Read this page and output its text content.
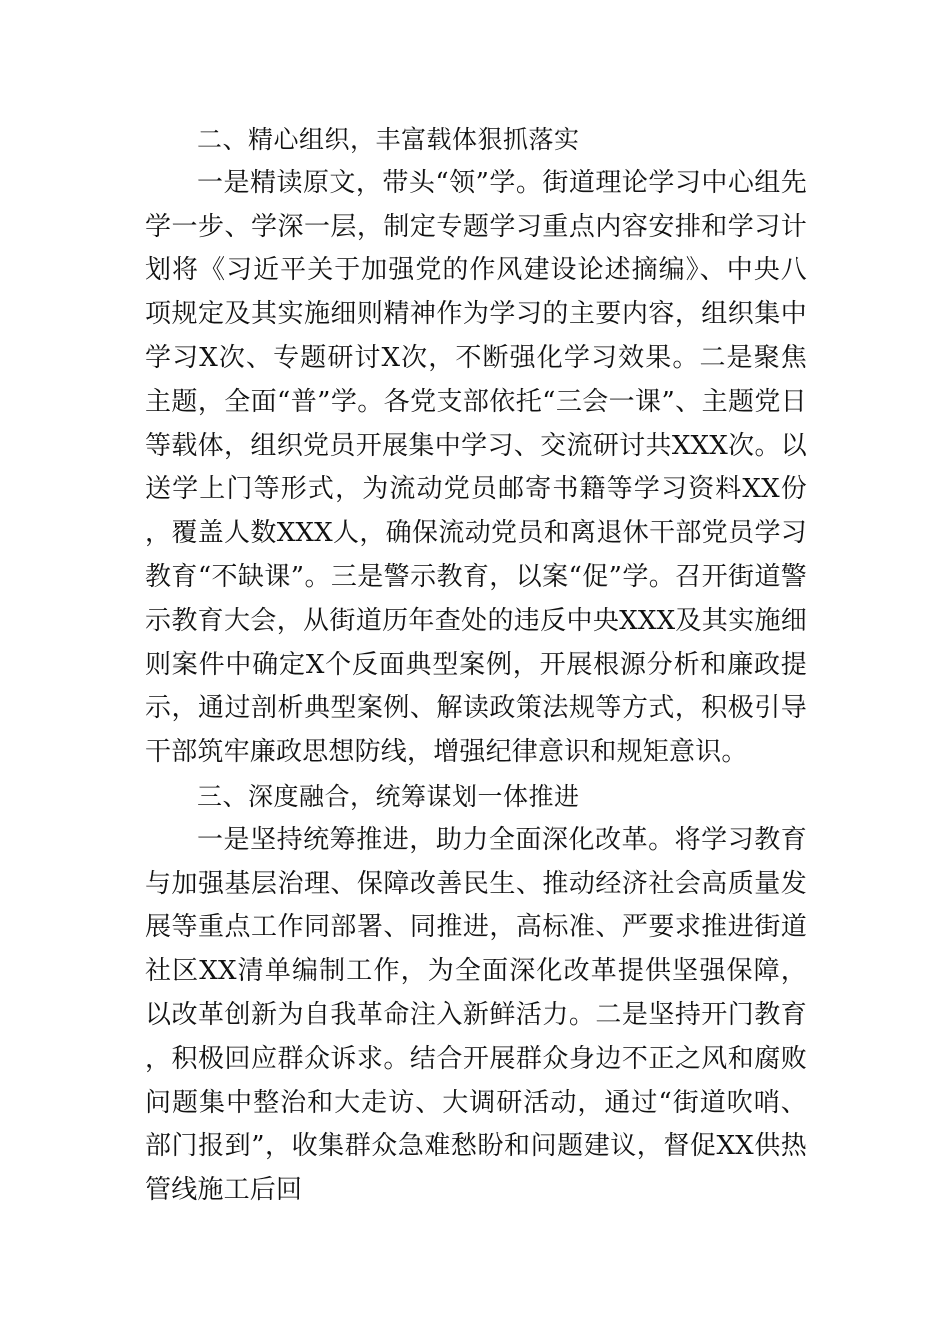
二、精心组织，丰富载体狠抓落实

一是精读原文，带头“领”学。街道理论学习中心组先学一步、学深一层，制定专题学习重点内容安排和学习计划将《习近平关于加强党的作风建设论述摘编》、中央八项规定及其实施细则精神作为学习的主要内容，组织集中学习X次、专题研讨X次，不断强化学习效果。二是聚焦主题，全面“普”学。各党支部依托“三会一课”、主题党日等载体，组织党员开展集中学习、交流研讨共XXX次。以送学上门等形式，为流动党员邮寄书籍等学习资料XX份，覆盖人数XXX人，确保流动党员和离退休干部党员学习教育“不缺课”。三是警示教育，以案“促”学。召开街道警示教育大会，从街道历年查处的违反中央XXX及其实施细则案件中确定X个反面典型案例，开展根源分析和廉政提示，通过剖析典型案例、解读政策法规等方式，积极引导干部筑牢廉政思想防线，增强纪律意识和规矩意识。

三、深度融合，统筹谋划一体推进

一是坚持统筹推进，助力全面深化改革。将学习教育与加强基层治理、保障改善民生、推动经济社会高质量发展等重点工作同部署、同推进，高标准、严要求推进街道社区XX清单编制工作，为全面深化改革提供坚强保障，以改革创新为自我革命注入新鲜活力。二是坚持开门教育，积极回应群众诉求。结合开展群众身边不正之风和腐败问题集中整治和大走访、大调研活动，通过“街道吹哨、部门报到”，收集群众急难愁盼和问题建议，督促XX供热管线施工后回
